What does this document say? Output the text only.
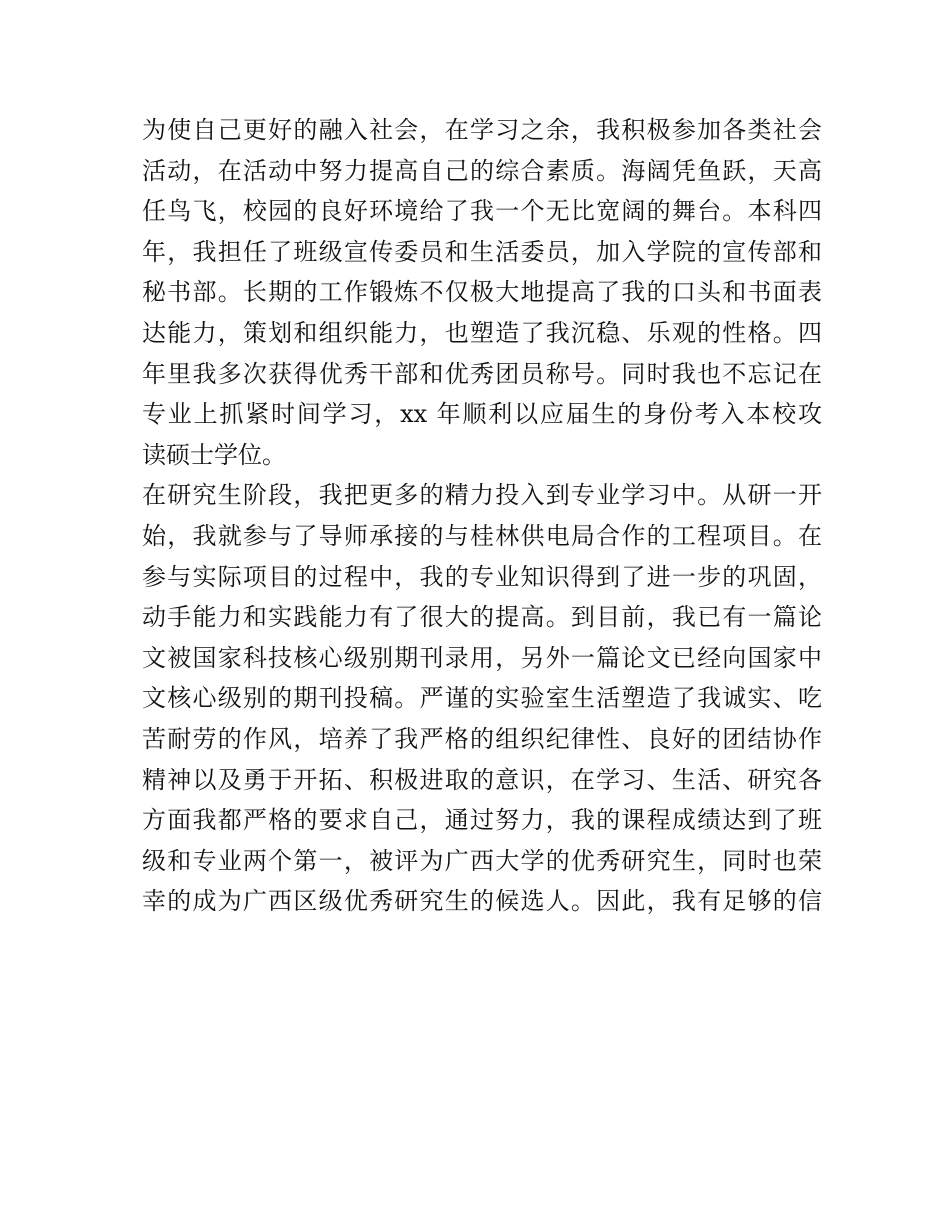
为使自己更好的融入社会，在学习之余，我积极参加各类社会
活动，在活动中努力提高自己的综合素质。海阔凭鱼跃，天高
任鸟飞，校园的良好环境给了我一个无比宽阔的舞台。本科四
年，我担任了班级宣传委员和生活委员，加入学院的宣传部和
秘书部。长期的工作锻炼不仅极大地提高了我的口头和书面表
达能力，策划和组织能力，也塑造了我沉稳、乐观的性格。四
年里我多次获得优秀干部和优秀团员称号。同时我也不忘记在
专业上抓紧时间学习，xx 年顺利以应届生的身份考入本校攻
读硕士学位。
在研究生阶段，我把更多的精力投入到专业学习中。从研一开
始，我就参与了导师承接的与桂林供电局合作的工程项目。在
参与实际项目的过程中，我的专业知识得到了进一步的巩固，
动手能力和实践能力有了很大的提高。到目前，我已有一篇论
文被国家科技核心级别期刊录用，另外一篇论文已经向国家中
文核心级别的期刊投稿。严谨的实验室生活塑造了我诚实、吃
苦耐劳的作风，培养了我严格的组织纪律性、良好的团结协作
精神以及勇于开拓、积极进取的意识，在学习、生活、研究各
方面我都严格的要求自己，通过努力，我的课程成绩达到了班
级和专业两个第一，被评为广西大学的优秀研究生，同时也荣
幸的成为广西区级优秀研究生的候选人。因此，我有足够的信
